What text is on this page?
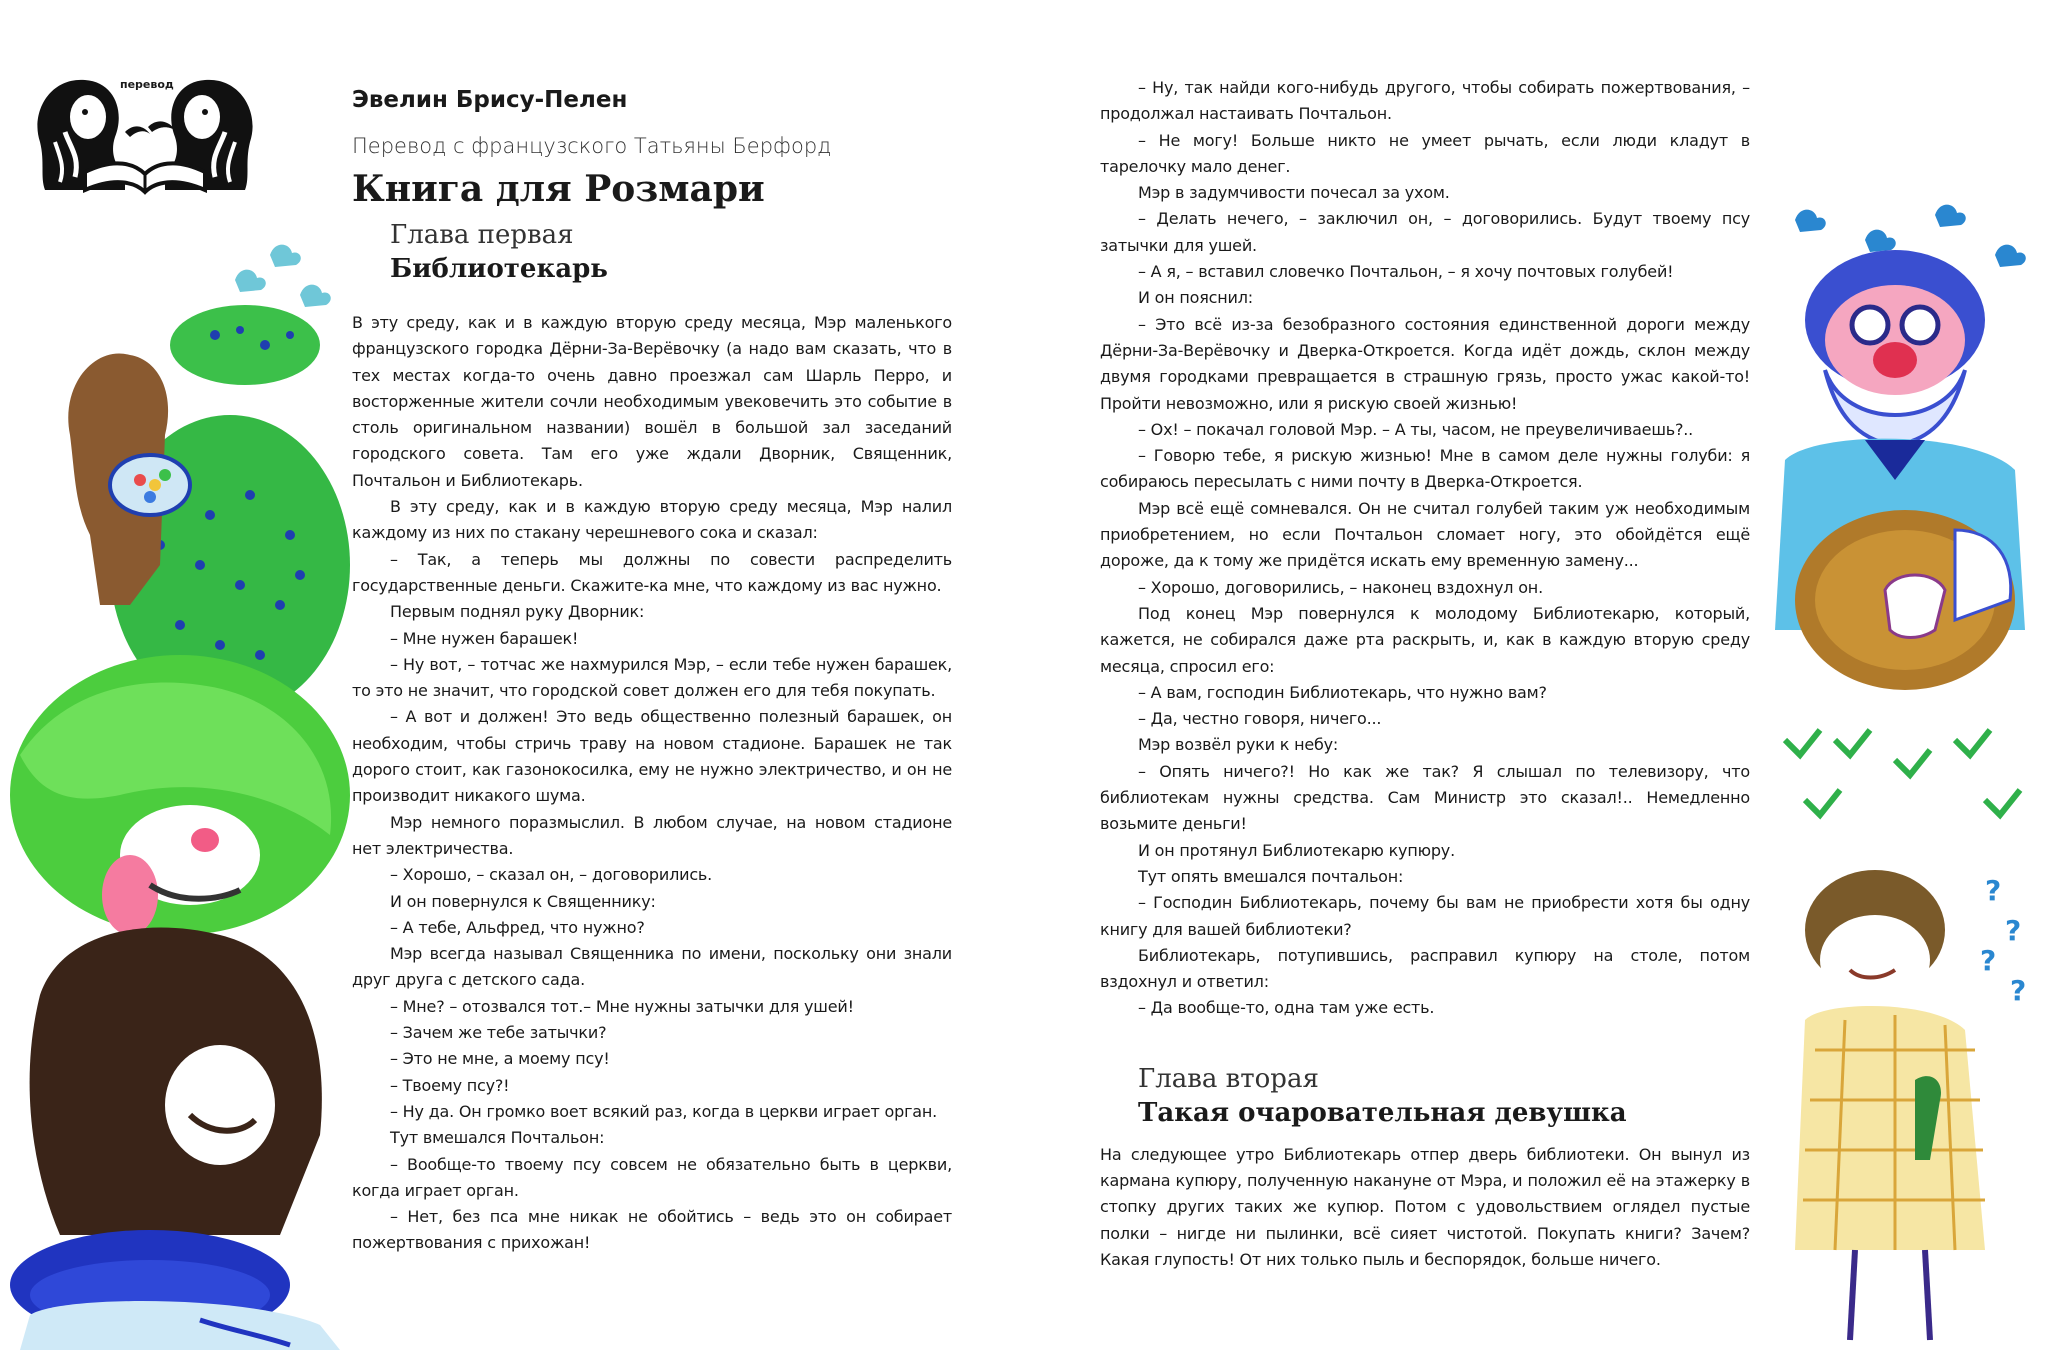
перевод
?
?
?
?
Эвелин Брису-Пелен
Перевод с французского Татьяны Берфорд
Книга для Розмари
Глава первая
Библиотекарь

В эту среду, как и в каждую вторую среду месяца, Мэр маленького французского городка Дёрни-За-Верёвочку (а надо вам сказать, что в тех местах когда-то очень давно проезжал сам Шарль Перро, и восторженные жители сочли необходимым увековечить это событие в столь оригинальном названии) вошёл в большой зал заседаний городского совета. Там его уже ждали Дворник, Священник, Почтальон и Библиотекарь.

В эту среду, как и в каждую вторую среду месяца, Мэр налил каждому из них по стакану черешневого сока и сказал:

– Так, а теперь мы должны по совести распределить государственные деньги. Скажите-ка мне, что каждому из вас нужно.

Первым поднял руку Дворник:

– Мне нужен барашек!

– Ну вот, – тотчас же нахмурился Мэр, – если тебе нужен барашек, то это не значит, что городской совет должен его для тебя покупать.

– А вот и должен! Это ведь общественно полезный барашек, он необходим, чтобы стричь траву на новом стадионе. Барашек не так дорого стоит, как газонокосилка, ему не нужно электричество, и он не производит никакого шума.

Мэр немного поразмыслил. В любом случае, на новом стадионе нет электричества.

– Хорошо, – сказал он, – договорились.

И он повернулся к Священнику:

– А тебе, Альфред, что нужно?

Мэр всегда называл Священника по имени, поскольку они знали друг друга с детского сада.

– Мне? – отозвался тот.– Мне нужны затычки для ушей!

– Зачем же тебе затычки?

– Это не мне, а моему псу!

– Твоему псу?!

– Ну да. Он громко воет всякий раз, когда в церкви играет орган.

Тут вмешался Почтальон:

– Вообще-то твоему псу совсем не обязательно быть в церкви, когда играет орган.

– Нет, без пса мне никак не обойтись – ведь это он собирает пожертвования с прихожан!

– Ну, так найди кого-нибудь другого, чтобы собирать пожертвования, – продолжал настаивать Почтальон.

– Не могу! Больше никто не умеет рычать, если люди кладут в тарелочку мало денег.

Мэр в задумчивости почесал за ухом.

– Делать нечего, – заключил он, – договорились. Будут твоему псу затычки для ушей.

– А я, – вставил словечко Почтальон, – я хочу почтовых голубей!

И он пояснил:

– Это всё из-за безобразного состояния единственной дороги между Дёрни-За-Верёвочку и Дверка-Откроется. Когда идёт дождь, склон между двумя городками превращается в страшную грязь, просто ужас какой-то! Пройти невозможно, или я рискую своей жизнью!

– Ох! – покачал головой Мэр. – А ты, часом, не преувеличиваешь?..

– Говорю тебе, я рискую жизнью! Мне в самом деле нужны голуби: я собираюсь пересылать с ними почту в Дверка-Откроется.

Мэр всё ещё сомневался. Он не считал голубей таким уж необходимым приобретением, но если Почтальон сломает ногу, это обойдётся ещё дороже, да к тому же придётся искать ему временную замену...

– Хорошо, договорились, – наконец вздохнул он.

Под конец Мэр повернулся к молодому Библиотекарю, который, кажется, не собирался даже рта раскрыть, и, как в каждую вторую среду месяца, спросил его:

– А вам, господин Библиотекарь, что нужно вам?

– Да, честно говоря, ничего...

Мэр возвёл руки к небу:

– Опять ничего?! Но как же так? Я слышал по телевизору, что библиотекам нужны средства. Сам Министр это сказал!.. Немедленно возьмите деньги!

И он протянул Библиотекарю купюру.

Тут опять вмешался почтальон:

– Господин Библиотекарь, почему бы вам не приобрести хотя бы одну книгу для вашей библиотеки?

Библиотекарь, потупившись, расправил купюру на столе, потом вздохнул и ответил:

– Да вообще-то, одна там уже есть.

Глава вторая
Такая очаровательная девушка

На следующее утро Библиотекарь отпер дверь библиотеки. Он вынул из кармана купюру, полученную накануне от Мэра, и положил её на этажерку в стопку других таких же купюр. Потом с удовольствием оглядел пустые полки – нигде ни пылинки, всё сияет чистотой. Покупать книги? Зачем? Какая глупость! От них только пыль и беспорядок, больше ничего.
